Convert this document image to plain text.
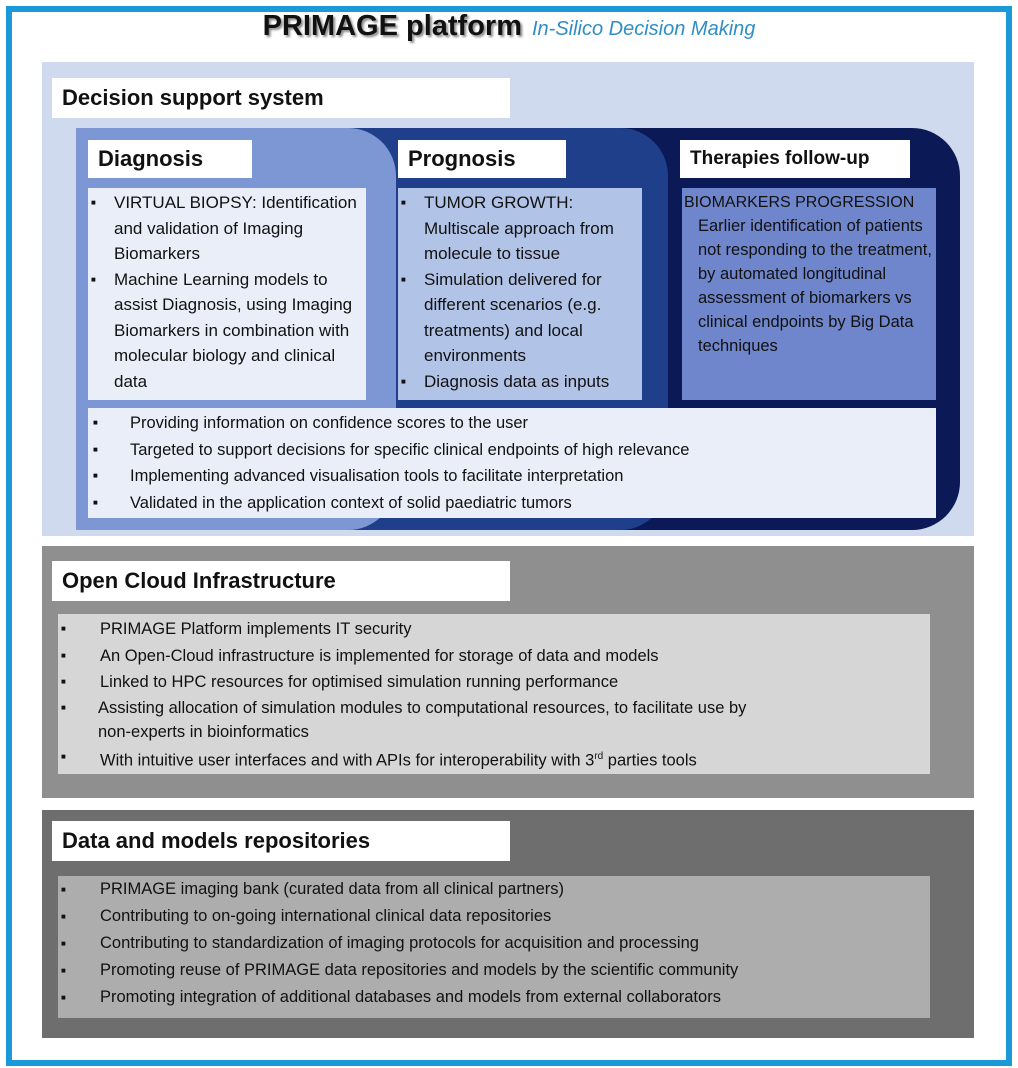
PRIMAGE platform In-Silico Decision Making
Decision support system
Diagnosis
■ VIRTUAL BIOPSY: Identification and validation of Imaging Biomarkers
■ Machine Learning models to assist Diagnosis, using Imaging Biomarkers in combination with molecular biology and clinical data
Prognosis
■ TUMOR GROWTH: Multiscale approach from molecule to tissue
■ Simulation delivered for different scenarios (e.g. treatments) and local environments
■ Diagnosis data as inputs
Therapies follow-up
BIOMARKERS PROGRESSION
Earlier identification of patients not responding to the treatment, by automated longitudinal assessment of biomarkers vs clinical endpoints by Big Data techniques
■ Providing information on confidence scores to the user
■ Targeted to support decisions for specific clinical endpoints of high relevance
■ Implementing advanced visualisation tools to facilitate interpretation
■ Validated in the application context of solid paediatric tumors
Open Cloud Infrastructure
■ PRIMAGE Platform implements IT security
■ An Open-Cloud infrastructure is implemented for storage of data and models
■ Linked to HPC resources for optimised simulation running performance
■ Assisting allocation of simulation modules to computational resources, to facilitate use by non-experts in bioinformatics
■ With intuitive user interfaces and with APIs for interoperability with 3rd parties tools
Data and models repositories
■ PRIMAGE imaging bank (curated data from all clinical partners)
■ Contributing to on-going international clinical data repositories
■ Contributing to standardization of imaging protocols for acquisition and processing
■ Promoting reuse of PRIMAGE data repositories and models by the scientific community
■ Promoting integration of additional databases and models from external collaborators
